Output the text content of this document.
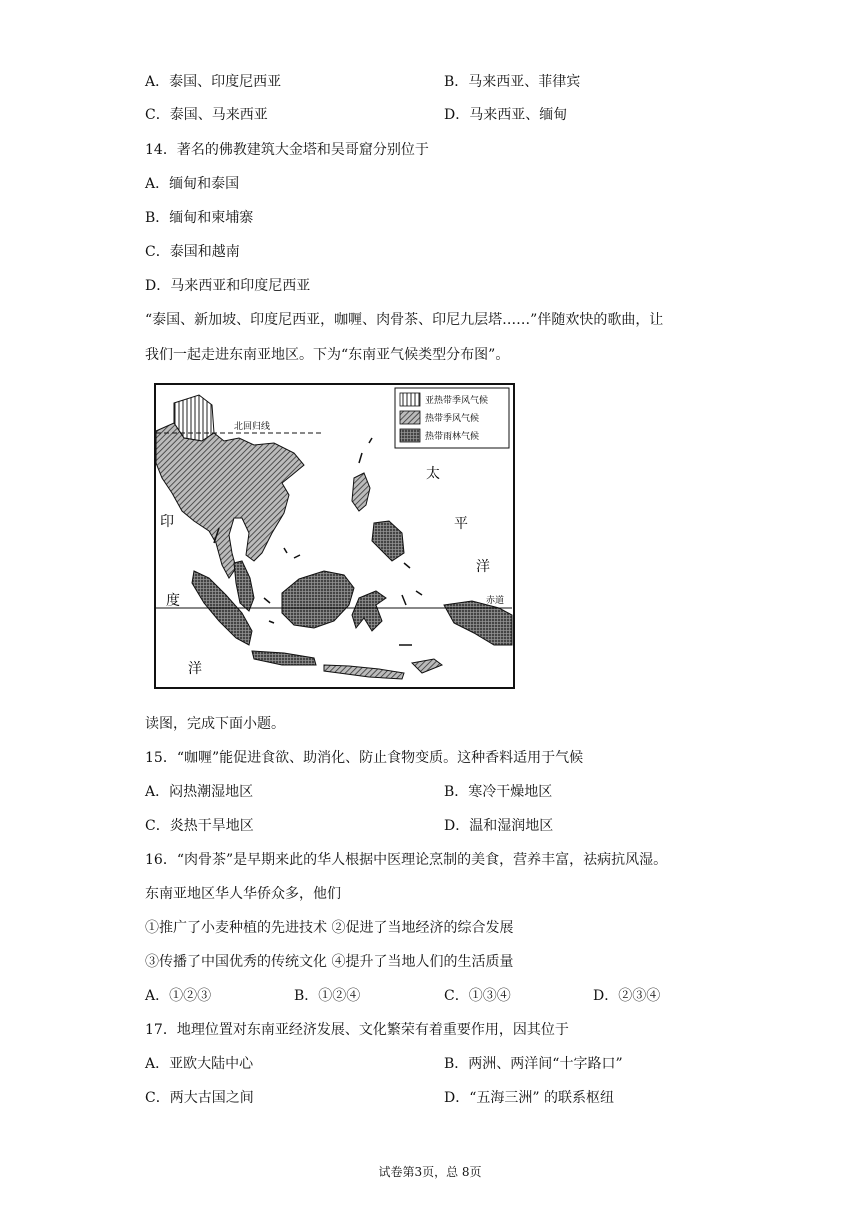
A．泰国、印度尼西亚	B．马来西亚、菲律宾
C．泰国、马来西亚	D．马来西亚、缅甸
14．著名的佛教建筑大金塔和吴哥窟分别位于
A．缅甸和泰国
B．缅甸和柬埔寨
C．泰国和越南
D．马来西亚和印度尼西亚
“泰国、新加坡、印度尼西亚，咖喱、肉骨茶、印尼九层塔……”伴随欢快的歌曲，让
我们一起走进东南亚地区。下为“东南亚气候类型分布图”。
北回归线
赤道
太
平
洋
印
度
洋
亚热带季风气候
热带季风气候
热带雨林气候
读图，完成下面小题。
15．“咖喱”能促进食欲、助消化、防止食物变质。这种香料适用于气候
A．闷热潮湿地区	B．寒冷干燥地区
C．炎热干旱地区	D．温和湿润地区
16．“肉骨茶”是早期来此的华人根据中医理论烹制的美食，营养丰富，祛病抗风湿。
东南亚地区华人华侨众多，他们
①推广了小麦种植的先进技术 ②促进了当地经济的综合发展
③传播了中国优秀的传统文化 ④提升了当地人们的生活质量
A．①②③	B．①②④	C．①③④	D．②③④
17．地理位置对东南亚经济发展、文化繁荣有着重要作用，因其位于
A．亚欧大陆中心	B．两洲、两洋间“十字路口”
C．两大古国之间	D．“五海三洲” 的联系枢纽
试卷第3页，总 8页
